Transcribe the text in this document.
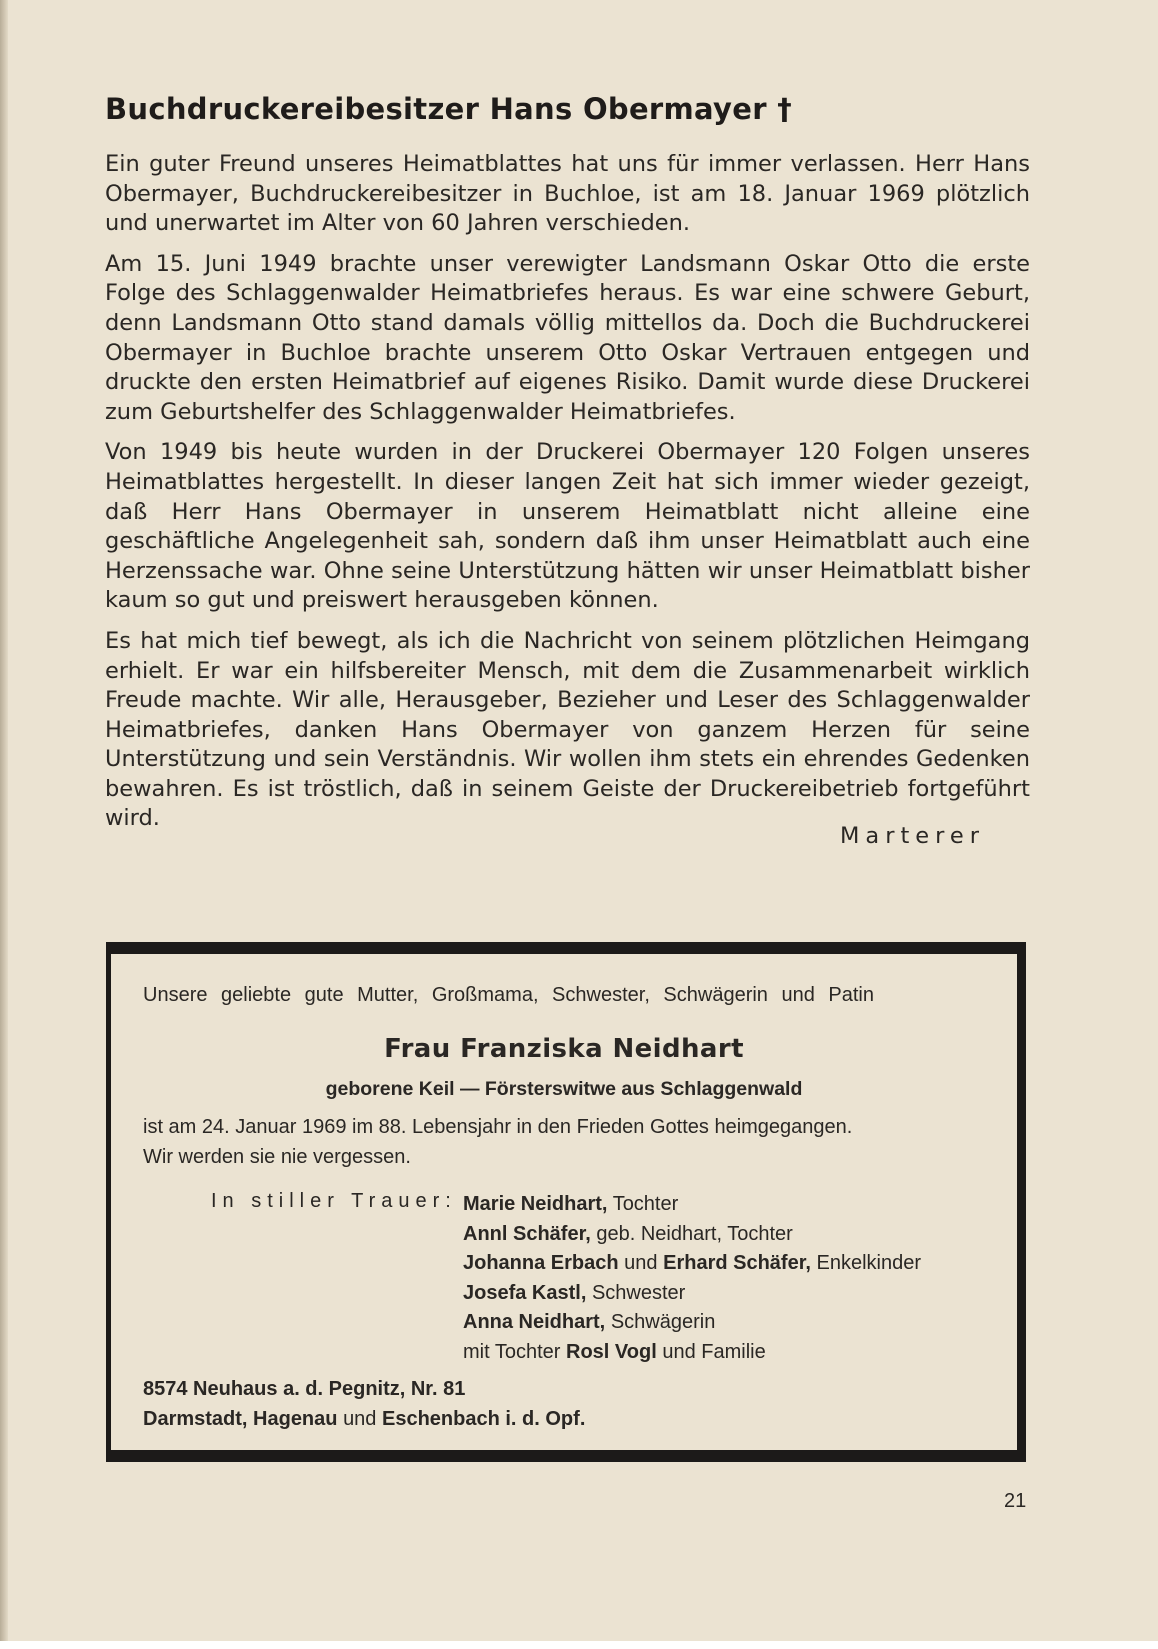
Buchdruckereibesitzer Hans Obermayer †

Ein guter Freund unseres Heimatblattes hat uns für immer verlassen. Herr Hans Obermayer, Buchdruckereibesitzer in Buchloe, ist am 18. Januar 1969 plötzlich und unerwartet im Alter von 60 Jahren verschieden.

Am 15. Juni 1949 brachte unser verewigter Landsmann Oskar Otto die erste Folge des Schlaggenwalder Heimatbriefes heraus. Es war eine schwere Geburt, denn Landsmann Otto stand damals völlig mittellos da. Doch die Buchdruckerei Obermayer in Buchloe brachte unserem Otto Oskar Vertrauen entgegen und druckte den ersten Heimatbrief auf eigenes Risiko. Damit wurde diese Druckerei zum Geburtshelfer des Schlaggenwalder Heimatbriefes.

Von 1949 bis heute wurden in der Druckerei Obermayer 120 Folgen unseres Heimatblattes hergestellt. In dieser langen Zeit hat sich immer wieder gezeigt, daß Herr Hans Obermayer in unserem Heimatblatt nicht alleine eine geschäftliche Angelegenheit sah, sondern daß ihm unser Heimatblatt auch eine Herzenssache war. Ohne seine Unterstützung hätten wir unser Heimatblatt bisher kaum so gut und preiswert herausgeben können.

Es hat mich tief bewegt, als ich die Nachricht von seinem plötzlichen Heimgang erhielt. Er war ein hilfsbereiter Mensch, mit dem die Zusammenarbeit wirklich Freude machte. Wir alle, Herausgeber, Bezieher und Leser des Schlaggenwalder Heimatbriefes, danken Hans Obermayer von ganzem Herzen für seine Unterstützung und sein Verständnis. Wir wollen ihm stets ein ehrendes Gedenken bewahren. Es ist tröstlich, daß in seinem Geiste der Druckereibetrieb fortgeführt wird.

Marterer

Unsere geliebte gute Mutter, Großmama, Schwester, Schwägerin und Patin

Frau Franziska Neidhart

geborene Keil — Försterswitwe aus Schlaggenwald

ist am 24. Januar 1969 im 88. Lebensjahr in den Frieden Gottes heimgegangen.
Wir werden sie nie vergessen.

In stiller Trauer: Marie Neidhart, Tochter
Annl Schäfer, geb. Neidhart, Tochter
Johanna Erbach und Erhard Schäfer, Enkelkinder
Josefa Kastl, Schwester
Anna Neidhart, Schwägerin
mit Tochter Rosl Vogl und Familie

8574 Neuhaus a. d. Pegnitz, Nr. 81
Darmstadt, Hagenau und Eschenbach i. d. Opf.

21
